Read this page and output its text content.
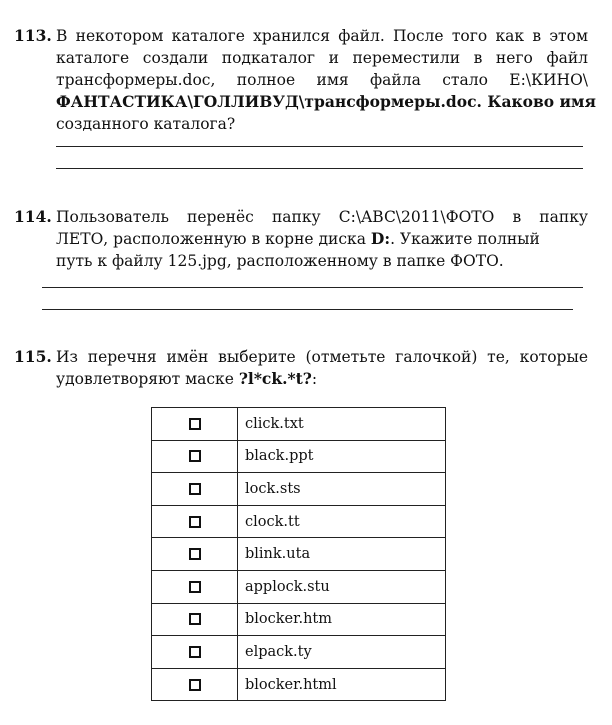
113. В некотором каталоге хранился файл. После того как в этом
каталоге создали подкаталог и переместили в него файл
трансформеры.doc, полное имя файла стало E:\КИНО\
ФАНТАСТИКА\ГОЛЛИВУД\трансформеры.doc. Каково имя
созданного каталога?
114. Пользователь перенёс папку C:\ABC\2011\ФОТО в папку
ЛЕТО, расположенную в корне диска D:. Укажите полный
путь к файлу 125.jpg, расположенному в папке ФОТО.
115. Из перечня имён выберите (отметьте галочкой) те, которые
удовлетворяют маске ?l*ck.*t?:
	click.txt
	black.ppt
	lock.sts
	clock.tt
	blink.uta
	applock.stu
	blocker.htm
	elpack.ty
	blocker.html
